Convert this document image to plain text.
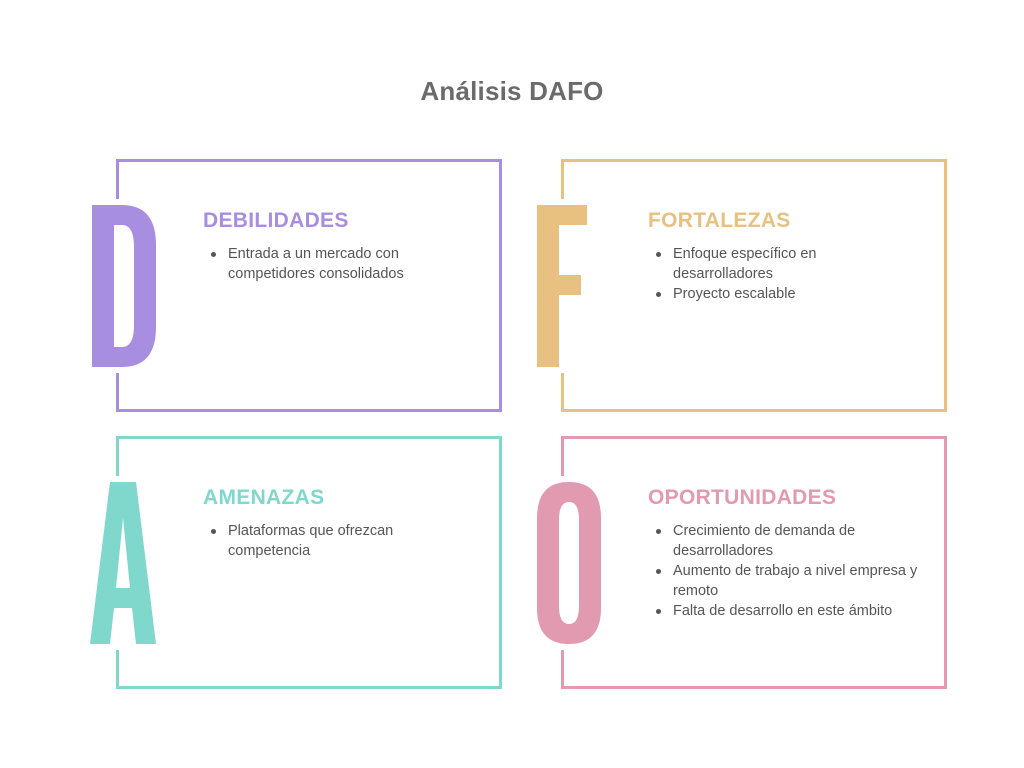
Análisis DAFO
DEBILIDADES
Entrada a un mercado con competidores consolidados
FORTALEZAS
Enfoque específico en desarrolladores
Proyecto escalable
AMENAZAS
Plataformas que ofrezcan competencia
OPORTUNIDADES
Crecimiento de demanda de desarrolladores
Aumento de trabajo a nivel empresa y remoto
Falta de desarrollo en este ámbito
